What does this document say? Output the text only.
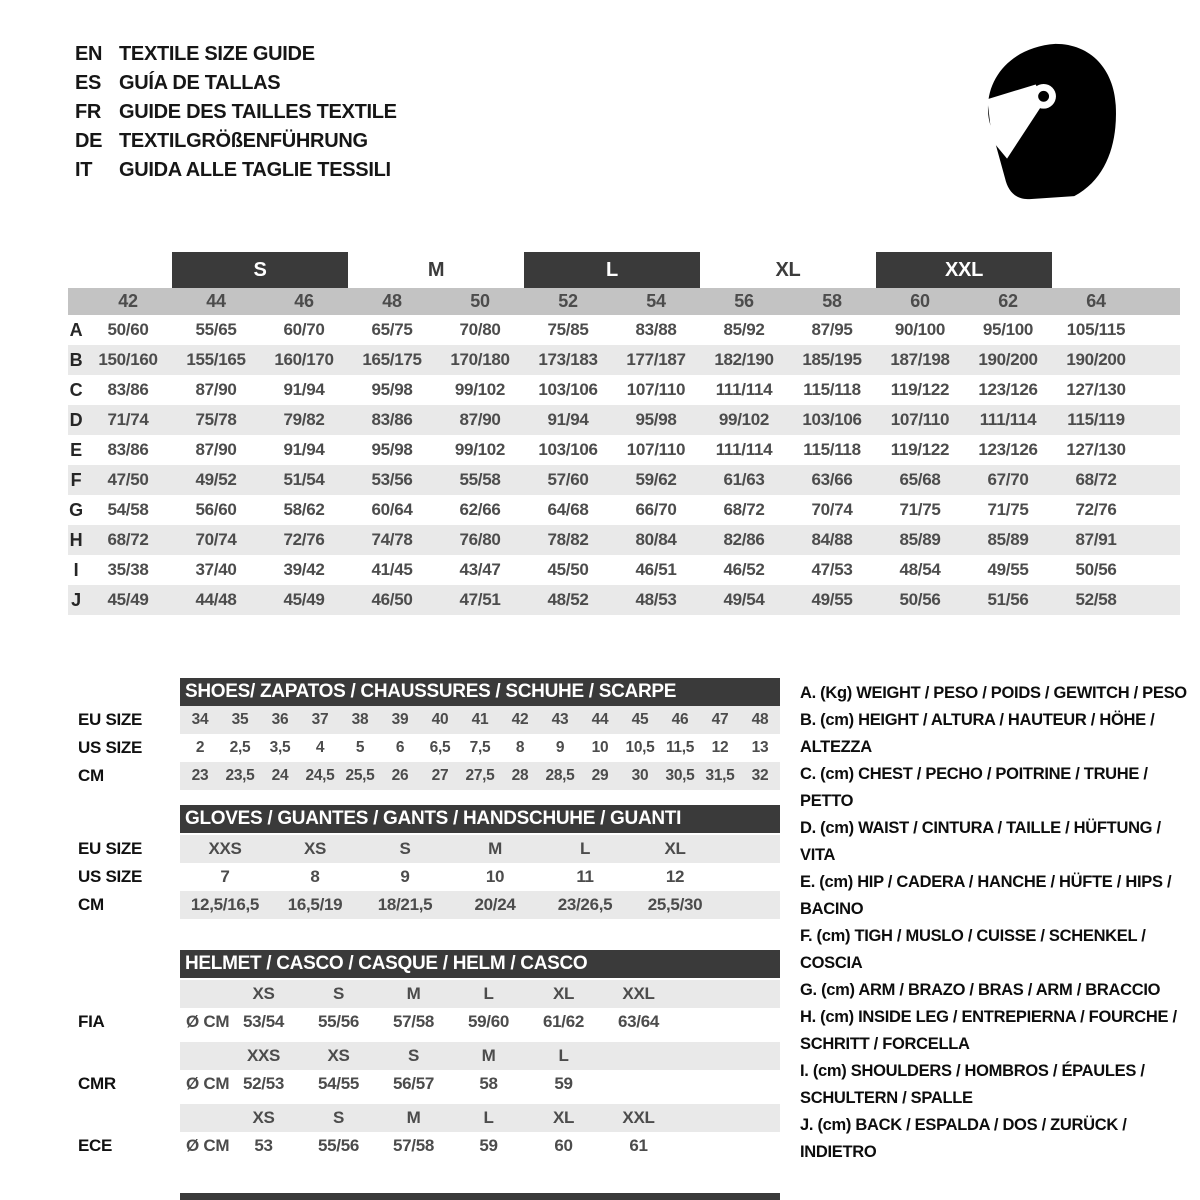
EN TEXTILE SIZE GUIDE
ES GUÍA DE TALLAS
FR GUIDE DES TAILLES TEXTILE
DE TEXTILGRÖßENFÜHRUNG
IT	GUIDA ALLE TAGLIE TESSILI
S	M	L	XL	XXL
42	44	46	48	50	52	54	56	58	60	62	64
A	50/60	55/65	60/70	65/75	70/80	75/85	83/88	85/92	87/95	90/100	95/100	105/115
B 150/160	155/165	160/170	165/175	170/180	173/183	177/187	182/190	185/195	187/198	190/200	190/200
C	83/86	87/90	91/94	95/98	99/102	103/106	107/110	111/114	115/118	119/122	123/126	127/130
D	71/74	75/78	79/82	83/86	87/90	91/94	95/98	99/102	103/106	107/110	111/114	115/119
E	83/86	87/90	91/94	95/98	99/102	103/106	107/110	111/114	115/118	119/122	123/126	127/130
F	47/50	49/52	51/54	53/56	55/58	57/60	59/62	61/63	63/66	65/68	67/70	68/72
G	54/58	56/60	58/62	60/64	62/66	64/68	66/70	68/72	70/74	71/75	71/75	72/76
H	68/72	70/74	72/76	74/78	76/80	78/82	80/84	82/86	84/88	85/89	85/89	87/91
I	35/38	37/40	39/42	41/45	43/47	45/50	46/51	46/52	47/53	48/54	49/55	50/56
J	45/49	44/48	45/49	46/50	47/51	48/52	48/53	49/54	49/55	50/56	51/56	52/58
SHOES/ ZAPATOS / CHAUSSURES / SCHUHE / SCARPE
EU SIZE	34	35	36	37	38	39	40	41	42	43	44	45	46	47	48
US SIZE	2	2,5	3,5	4	5	6	6,5	7,5	8	9	10	10,5 11,5	12	13
CM	23	23,5	24	24,5 25,5	26	27	27,5	28	28,5	29	30	30,5 31,5	32
GLOVES / GUANTES / GANTS / HANDSCHUHE / GUANTI
EU SIZE	XXS	XS	S	M	L	XL
US SIZE	7	8	9	10	11	12
CM	12,5/16,5	16,5/19	18/21,5	20/24	23/26,5	25,5/30
HELMET / CASCO / CASQUE / HELM / CASCO
XS	S	M	L	XL	XXL
FIA	Ø CM 53/54	55/56	57/58	59/60	61/62	63/64
XXS	XS	S	M	L
CMR	Ø CM 52/53	54/55	56/57	58	59
XS	S	M	L	XL	XXL
ECE	Ø CM	53	55/56	57/58	59	60	61
A. (Kg) WEIGHT / PESO / POIDS / GEWITCH / PESO
B. (cm) HEIGHT / ALTURA / HAUTEUR / HÖHE / ALTEZZA
C. (cm) CHEST / PECHO / POITRINE / TRUHE / PETTO
D. (cm) WAIST / CINTURA / TAILLE / HÜFTUNG / VITA
E. (cm) HIP / CADERA / HANCHE / HÜFTE / HIPS / BACINO
F. (cm) TIGH / MUSLO / CUISSE / SCHENKEL / COSCIA
G. (cm) ARM / BRAZO / BRAS / ARM / BRACCIO
H. (cm) INSIDE LEG / ENTREPIERNA / FOURCHE / SCHRITT / FORCELLA
I. (cm) SHOULDERS / HOMBROS / ÉPAULES / SCHULTERN / SPALLE
J. (cm) BACK / ESPALDA / DOS / ZURÜCK / INDIETRO
